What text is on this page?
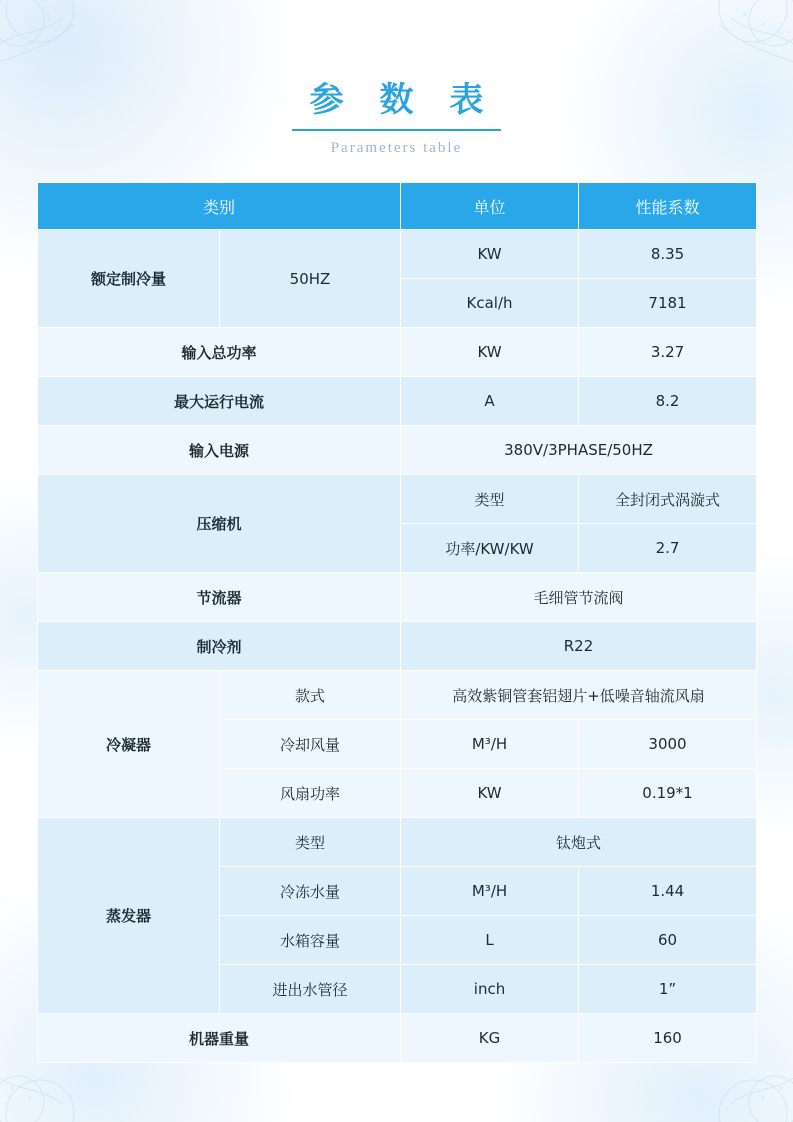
参 数 表
Parameters table
类别		单位	性能系数
额定制冷量	50HZ	KW	8.35
		Kcal/h	7181
输入总功率		KW	3.27
最大运行电流		A	8.2
输入电源		380V/3PHASE/50HZ	
压缩机		类型	全封闭式涡漩式
		功率/KW/KW	2.7
节流器		毛细管节流阀	
制冷剂		R22	
冷凝器	款式	高效紫铜管套铝翅片+低噪音轴流风扇	
	冷却风量	M³/H	3000
	风扇功率	KW	0.19*1
蒸发器	类型	钛炮式	
	冷冻水量	M³/H	1.44
	水箱容量	L	60
	进出水管径	inch	1”
机器重量		KG	160
